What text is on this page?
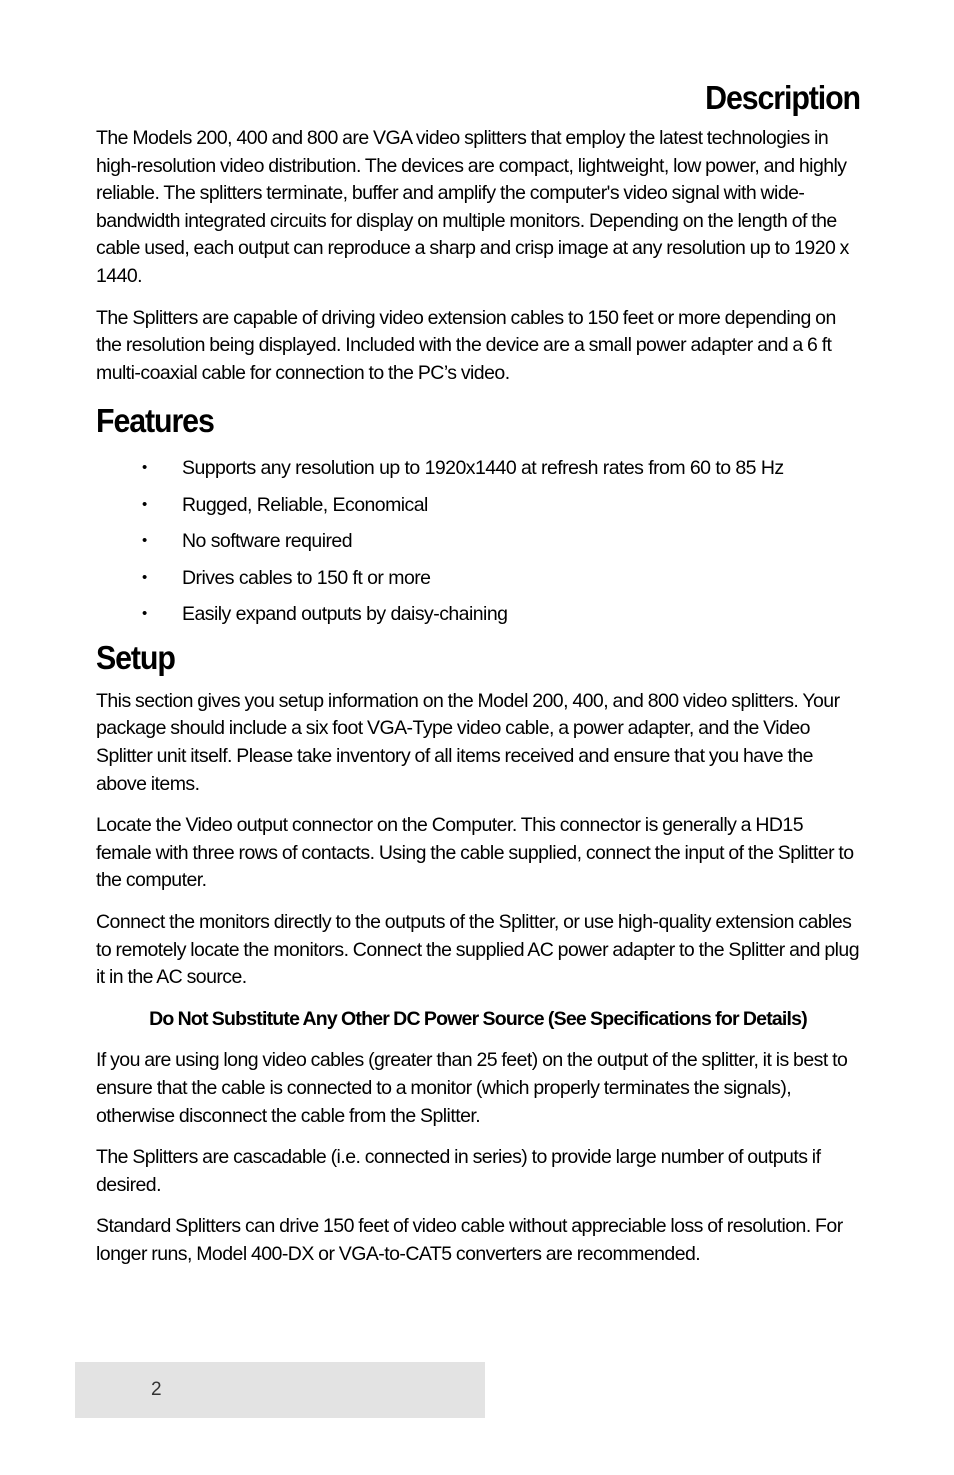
Description

The Models 200, 400 and 800 are VGA video splitters that employ the latest technologies in high-resolution video distribution. The devices are compact, lightweight, low power, and highly reliable. The splitters terminate, buffer and amplify the computer's video signal with wide-bandwidth integrated circuits for display on multiple monitors. Depending on the length of the cable used, each output can reproduce a sharp and crisp image at any resolution up to 1920 x 1440.

The Splitters are capable of driving video extension cables to 150 feet or more depending on the resolution being displayed. Included with the device are a small power adapter and a 6 ft multi-coaxial cable for connection to the PC’s video.

Features
• Supports any resolution up to 1920x1440 at refresh rates from 60 to 85 Hz
• Rugged, Reliable, Economical
• No software required
• Drives cables to 150 ft or more
• Easily expand outputs by daisy-chaining
Setup

This section gives you setup information on the Model 200, 400, and 800 video splitters. Your package should include a six foot VGA-Type video cable, a power adapter, and the Video Splitter unit itself. Please take inventory of all items received and ensure that you have the above items.

Locate the Video output connector on the Computer. This connector is generally a HD15 female with three rows of contacts. Using the cable supplied, connect the input of the Splitter to the computer.

Connect the monitors directly to the outputs of the Splitter, or use high-quality extension cables to remotely locate the monitors. Connect the supplied AC power adapter to the Splitter and plug it in the AC source.

Do Not Substitute Any Other DC Power Source (See Specifications for Details)

If you are using long video cables (greater than 25 feet) on the output of the splitter, it is best to ensure that the cable is connected to a monitor (which properly terminates the signals), otherwise disconnect the cable from the Splitter.

The Splitters are cascadable (i.e. connected in series) to provide large number of outputs if desired.

Standard Splitters can drive 150 feet of video cable without appreciable loss of resolution. For longer runs, Model 400-DX or VGA-to-CAT5 converters are recommended.

2
